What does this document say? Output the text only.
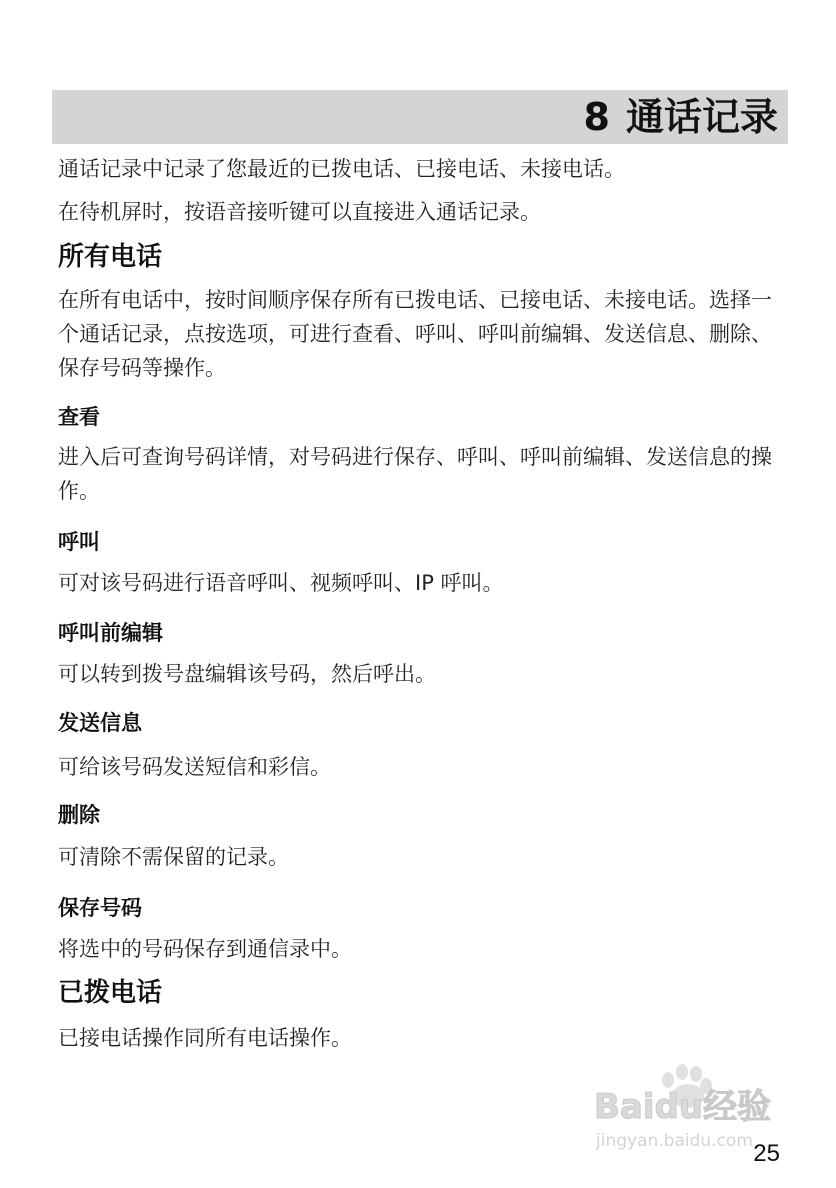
8 通话记录

通话记录中记录了您最近的已拨电话、已接电话、未接电话。

在待机屏时，按语音接听键可以直接进入通话记录。

所有电话

在所有电话中，按时间顺序保存所有已拨电话、已接电话、未接电话。选择一个通话记录，点按选项，可进行查看、呼叫、呼叫前编辑、发送信息、删除、保存号码等操作。

查看

进入后可查询号码详情，对号码进行保存、呼叫、呼叫前编辑、发送信息的操作。

呼叫

可对该号码进行语音呼叫、视频呼叫、IP 呼叫。

呼叫前编辑

可以转到拨号盘编辑该号码，然后呼出。

发送信息

可给该号码发送短信和彩信。

删除

可清除不需保留的记录。

保存号码

将选中的号码保存到通信录中。

已拨电话

已接电话操作同所有电话操作。

Baidu经验
jingyan.baidu.com 25
